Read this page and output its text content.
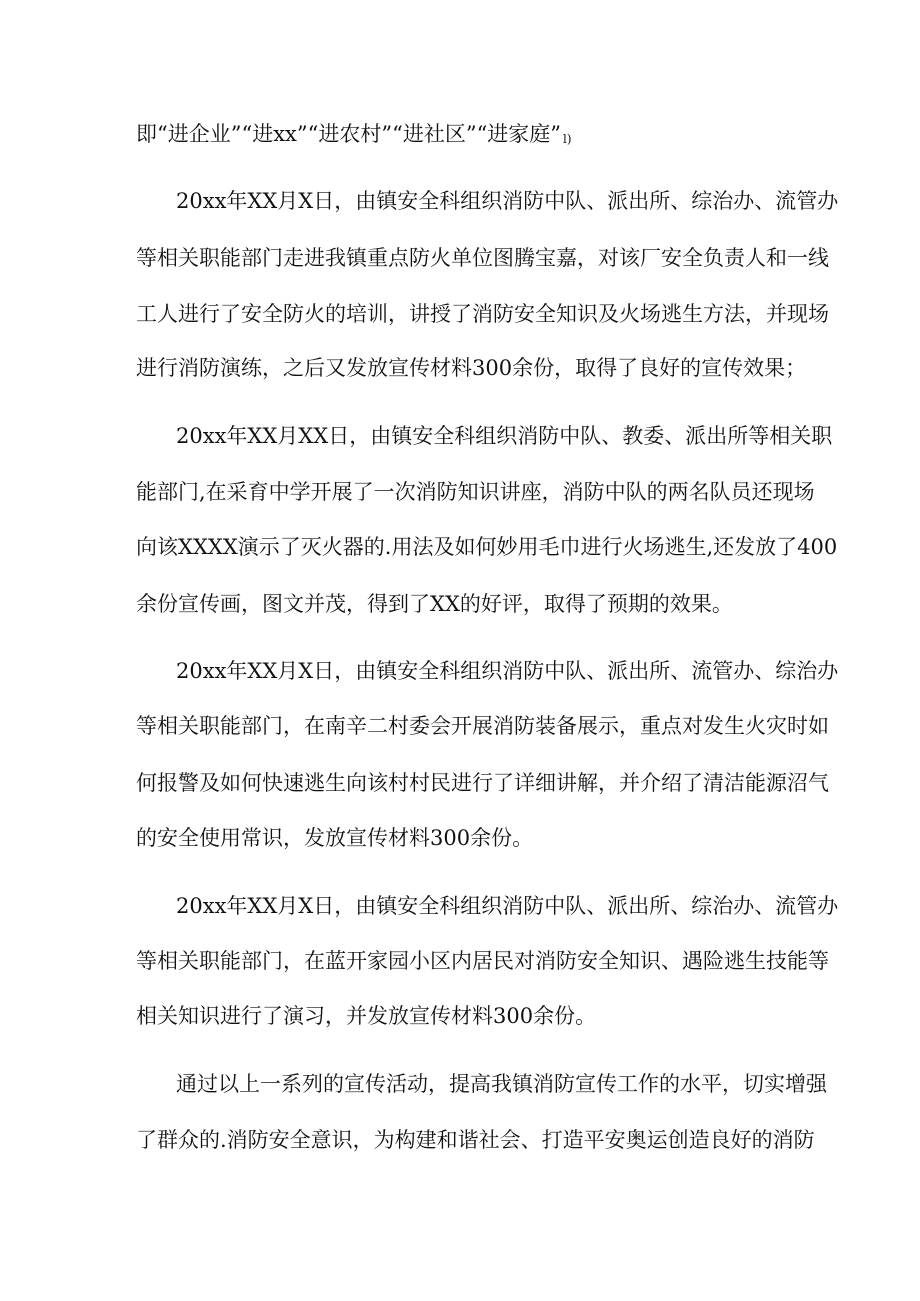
即“进企业”“进xx”“进农村”“进社区”“进家庭” l)
20xx年XX月X日，由镇安全科组织消防中队、派出所、综治办、流管办
等相关职能部门走进我镇重点防火单位图腾宝嘉，对该厂安全负责人和一线
工人进行了安全防火的培训，讲授了消防安全知识及火场逃生方法，并现场
进行消防演练，之后又发放宣传材料300余份，取得了良好的宣传效果；
20xx年XX月XX日，由镇安全科组织消防中队、教委、派出所等相关职
能部门,在采育中学开展了一次消防知识讲座，消防中队的两名队员还现场
向该XXXX演示了灭火器的.用法及如何妙用毛巾进行火场逃生,还发放了400
余份宣传画，图文并茂，得到了XX的好评，取得了预期的效果。
20xx年XX月X日，由镇安全科组织消防中队、派出所、流管办、综治办
等相关职能部门，在南辛二村委会开展消防装备展示，重点对发生火灾时如
何报警及如何快速逃生向该村村民进行了详细讲解，并介绍了清洁能源沼气
的安全使用常识，发放宣传材料300余份。
20xx年XX月X日，由镇安全科组织消防中队、派出所、综治办、流管办
等相关职能部门，在蓝开家园小区内居民对消防安全知识、遇险逃生技能等
相关知识进行了演习，并发放宣传材料300余份。
通过以上一系列的宣传活动，提高我镇消防宣传工作的水平，切实增强
了群众的.消防安全意识，为构建和谐社会、打造平安奥运创造良好的消防
